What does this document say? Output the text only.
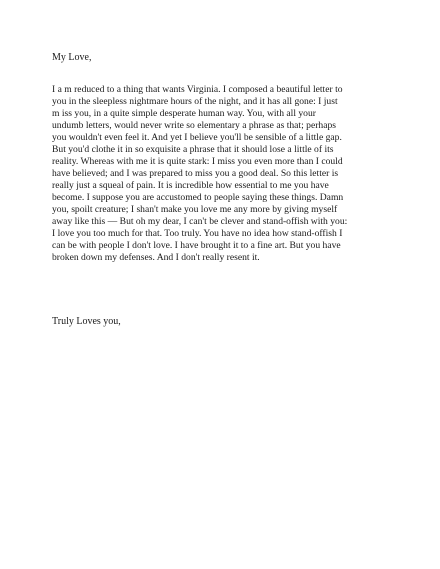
My Love,

I a m reduced to a thing that wants Virginia. I composed a beautiful letter to
you in the sleepless nightmare hours of the night, and it has all gone: I just
m iss you, in a quite simple desperate human way. You, with all your
undumb letters, would never write so elementary a phrase as that; perhaps
you wouldn't even feel it. And yet I believe you'll be sensible of a little gap.
But you'd clothe it in so exquisite a phrase that it should lose a little of its
reality. Whereas with me it is quite stark: I miss you even more than I could
have believed; and I was prepared to miss you a good deal. So this letter is
really just a squeal of pain. It is incredible how essential to me you have
become. I suppose you are accustomed to people saying these things. Damn
you, spoilt creature; I shan't make you love me any more by giving myself
away like this — But oh my dear, I can't be clever and stand-offish with you:
I love you too much for that. Too truly. You have no idea how stand-offish I
can be with people I don't love. I have brought it to a fine art. But you have
broken down my defenses. And I don't really resent it.

Truly Loves you,
